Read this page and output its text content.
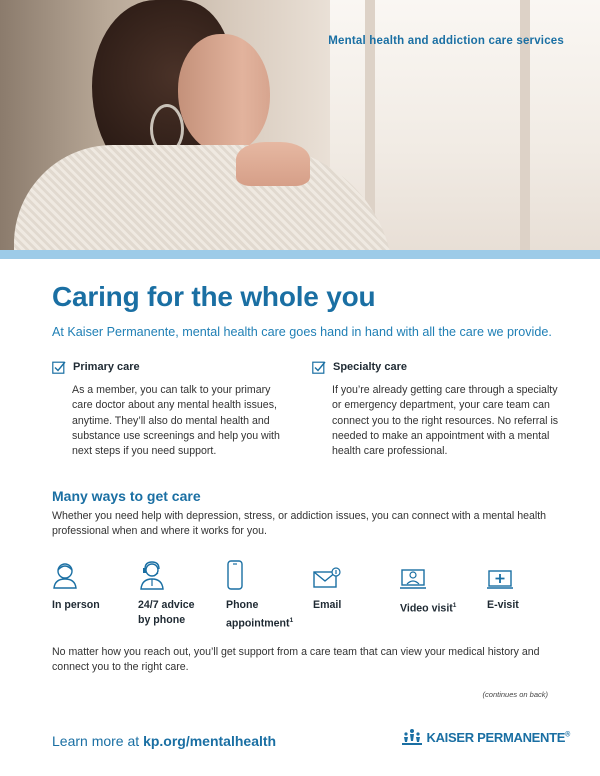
Mental health and addiction care services
Caring for the whole you
At Kaiser Permanente, mental health care goes hand in hand with all the care we provide.
Primary care
As a member, you can talk to your primary care doctor about any mental health issues, anytime. They’ll also do mental health and substance use screenings and help you with next steps if you need support.
Specialty care
If you’re already getting care through a specialty or emergency department, your care team can connect you to the right resources. No referral is needed to make an appointment with a mental health care professional.
Many ways to get care
Whether you need help with depression, stress, or addiction issues, you can connect with a mental health professional when and where it works for you.
In person	24/7 advice
by phone
Phone
appointment$^1$
Email	Video visit$^1$	E-visit
No matter how you reach out, you’ll get support from a care team that can view your medical history and connect you to the right care.
(continues on back)
Learn more at kp.org/mentalhealth	KAISER PERMANENTE®
